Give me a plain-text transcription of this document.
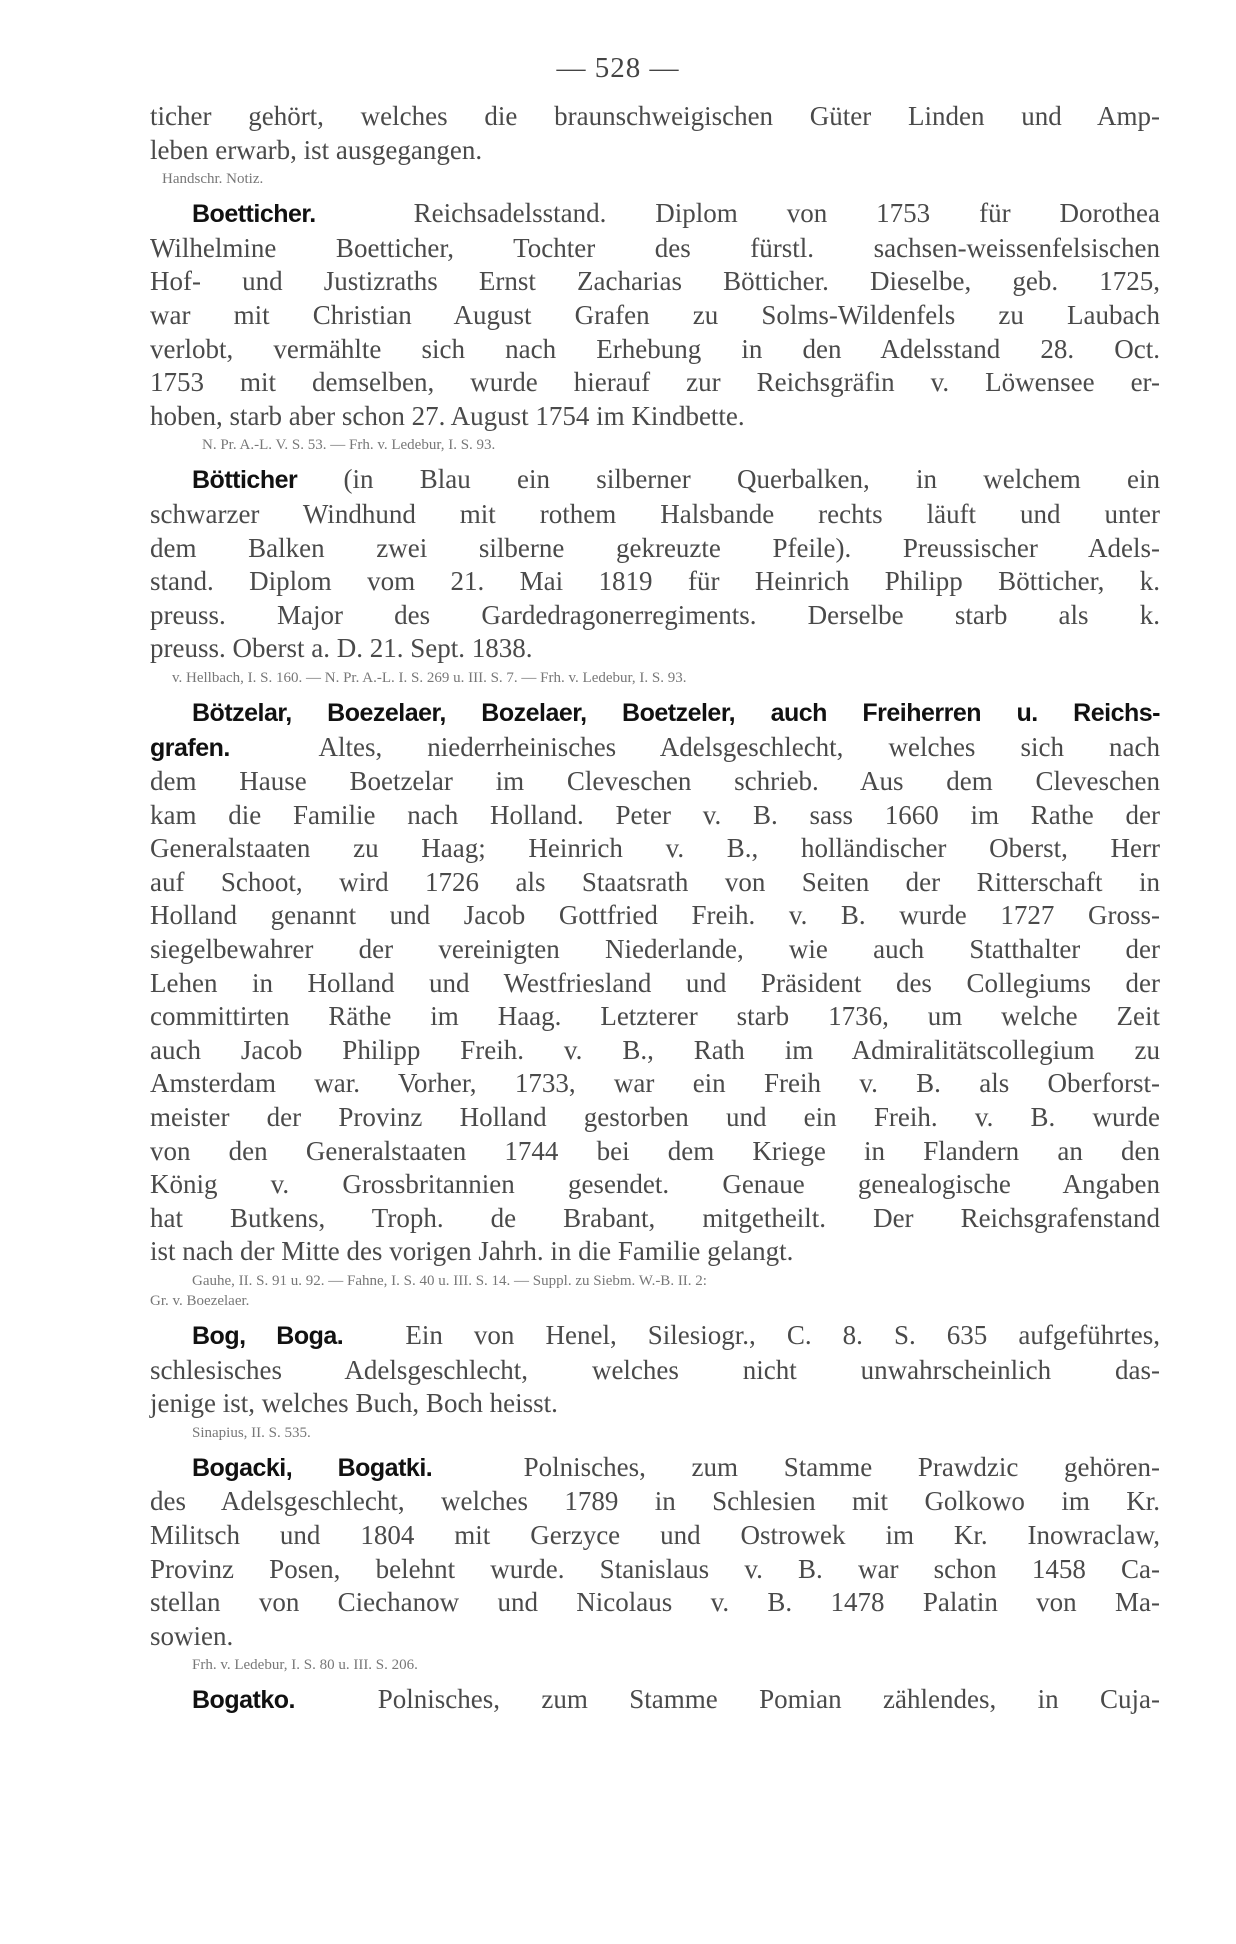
— 528 —

ticher gehört, welches die braunschweigischen Güter Linden und Amp-
leben erwarb, ist ausgegangen.

Handschr. Notiz.

Boetticher.	Reichsadelsstand. Diplom von 1753 für Dorothea
Wilhelmine Boetticher, Tochter des fürstl. sachsen-weissenfelsischen
Hof- und Justizraths Ernst Zacharias Bötticher. Dieselbe, geb. 1725,
war mit Christian August Grafen zu Solms-Wildenfels zu Laubach
verlobt, vermählte sich nach Erhebung in den Adelsstand 28. Oct.
1753 mit demselben, wurde hierauf zur Reichsgräfin v. Löwensee er-
hoben, starb aber schon 27. August 1754 im Kindbette.

N. Pr. A.-L. V. S. 53. — Frh. v. Ledebur, I. S. 93.

Bötticher (in Blau ein silberner Querbalken, in welchem ein
schwarzer Windhund mit rothem Halsbande rechts läuft und unter
dem Balken zwei silberne gekreuzte Pfeile). Preussischer Adels-
stand. Diplom vom 21. Mai 1819 für Heinrich Philipp Bötticher, k.
preuss. Major des Gardedragonerregiments. Derselbe starb als k.
preuss. Oberst a. D. 21. Sept. 1838.

v. Hellbach, I. S. 160. — N. Pr. A.-L. I. S. 269 u. III. S. 7. — Frh. v. Ledebur, I. S. 93.

Bötzelar, Boezelaer, Bozelaer, Boetzeler, auch Freiherren u. Reichs-
grafen.	Altes, niederrheinisches Adelsgeschlecht, welches sich nach
dem Hause Boetzelar im Cleveschen schrieb. Aus dem Cleveschen
kam die Familie nach Holland. Peter v. B. sass 1660 im Rathe der
Generalstaaten zu Haag; Heinrich v. B., holländischer Oberst, Herr
auf Schoot, wird 1726 als Staatsrath von Seiten der Ritterschaft in
Holland genannt und Jacob Gottfried Freih. v. B. wurde 1727 Gross-
siegelbewahrer der vereinigten Niederlande, wie auch Statthalter der
Lehen in Holland und Westfriesland und Präsident des Collegiums der
committirten Räthe im Haag. Letzterer starb 1736, um welche Zeit
auch Jacob Philipp Freih. v. B., Rath im Admiralitätscollegium zu
Amsterdam war. Vorher, 1733, war ein Freih v. B. als Oberforst-
meister der Provinz Holland gestorben und ein Freih. v. B. wurde
von den Generalstaaten 1744 bei dem Kriege in Flandern an den
König v. Grossbritannien gesendet. Genaue genealogische Angaben
hat Butkens, Troph. de Brabant, mitgetheilt. Der Reichsgrafenstand
ist nach der Mitte des vorigen Jahrh. in die Familie gelangt.

Gauhe, II. S. 91 u. 92. — Fahne, I. S. 40 u. III. S. 14. — Suppl. zu Siebm. W.-B. II. 2:
Gr. v. Boezelaer.

Bog, Boga. Ein von Henel, Silesiogr., C. 8. S. 635 aufgeführtes,
schlesisches Adelsgeschlecht, welches nicht unwahrscheinlich das-
jenige ist, welches Buch, Boch heisst.

Sinapius, II. S. 535.

Bogacki, Bogatki.	Polnisches, zum Stamme Prawdzic gehören-
des Adelsgeschlecht, welches 1789 in Schlesien mit Golkowo im Kr.
Militsch und 1804 mit Gerzyce und Ostrowek im Kr. Inowraclaw,
Provinz Posen, belehnt wurde. Stanislaus v. B. war schon 1458 Ca-
stellan von Ciechanow und Nicolaus v. B. 1478 Palatin von Ma-
sowien.

Frh. v. Ledebur, I. S. 80 u. III. S. 206.

Bogatko.	Polnisches, zum Stamme Pomian zählendes, in Cuja-
